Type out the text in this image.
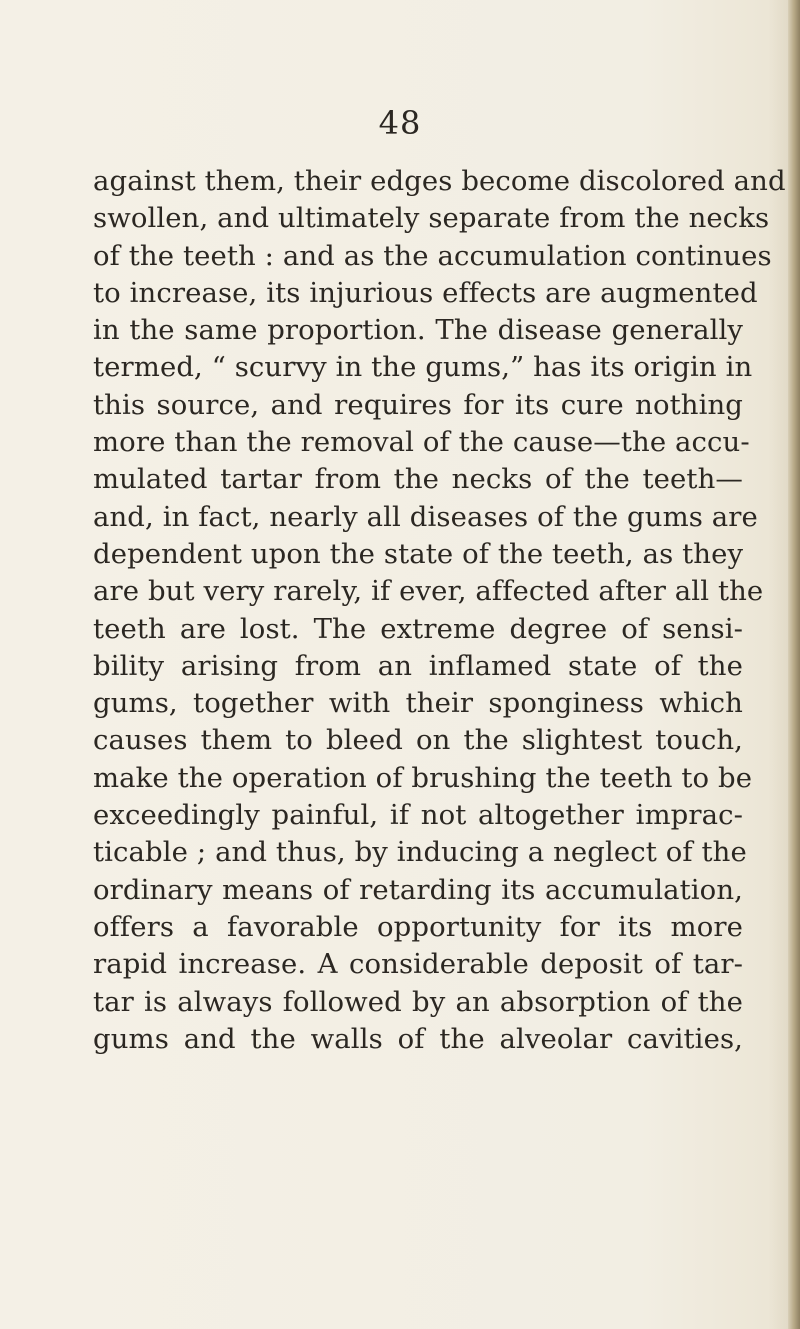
48
against them, their edges become discolored and
swollen, and ultimately separate from the necks
of the teeth : and as the accumulation continues
to increase, its injurious effects are augmented
in the same proportion. The disease generally
termed, “ scurvy in the gums,” has its origin in
this source, and requires for its cure nothing
more than the removal of the cause—the accu-
mulated tartar from the necks of the teeth—
and, in fact, nearly all diseases of the gums are
dependent upon the state of the teeth, as they
are but very rarely, if ever, affected after all the
teeth are lost. The extreme degree of sensi-
bility arising from an inflamed state of the
gums, together with their sponginess which
causes them to bleed on the slightest touch,
make the operation of brushing the teeth to be
exceedingly painful, if not altogether imprac-
ticable ; and thus, by inducing a neglect of the
ordinary means of retarding its accumulation,
offers a favorable opportunity for its more
rapid increase. A considerable deposit of tar-
tar is always followed by an absorption of the
gums and the walls of the alveolar cavities,
